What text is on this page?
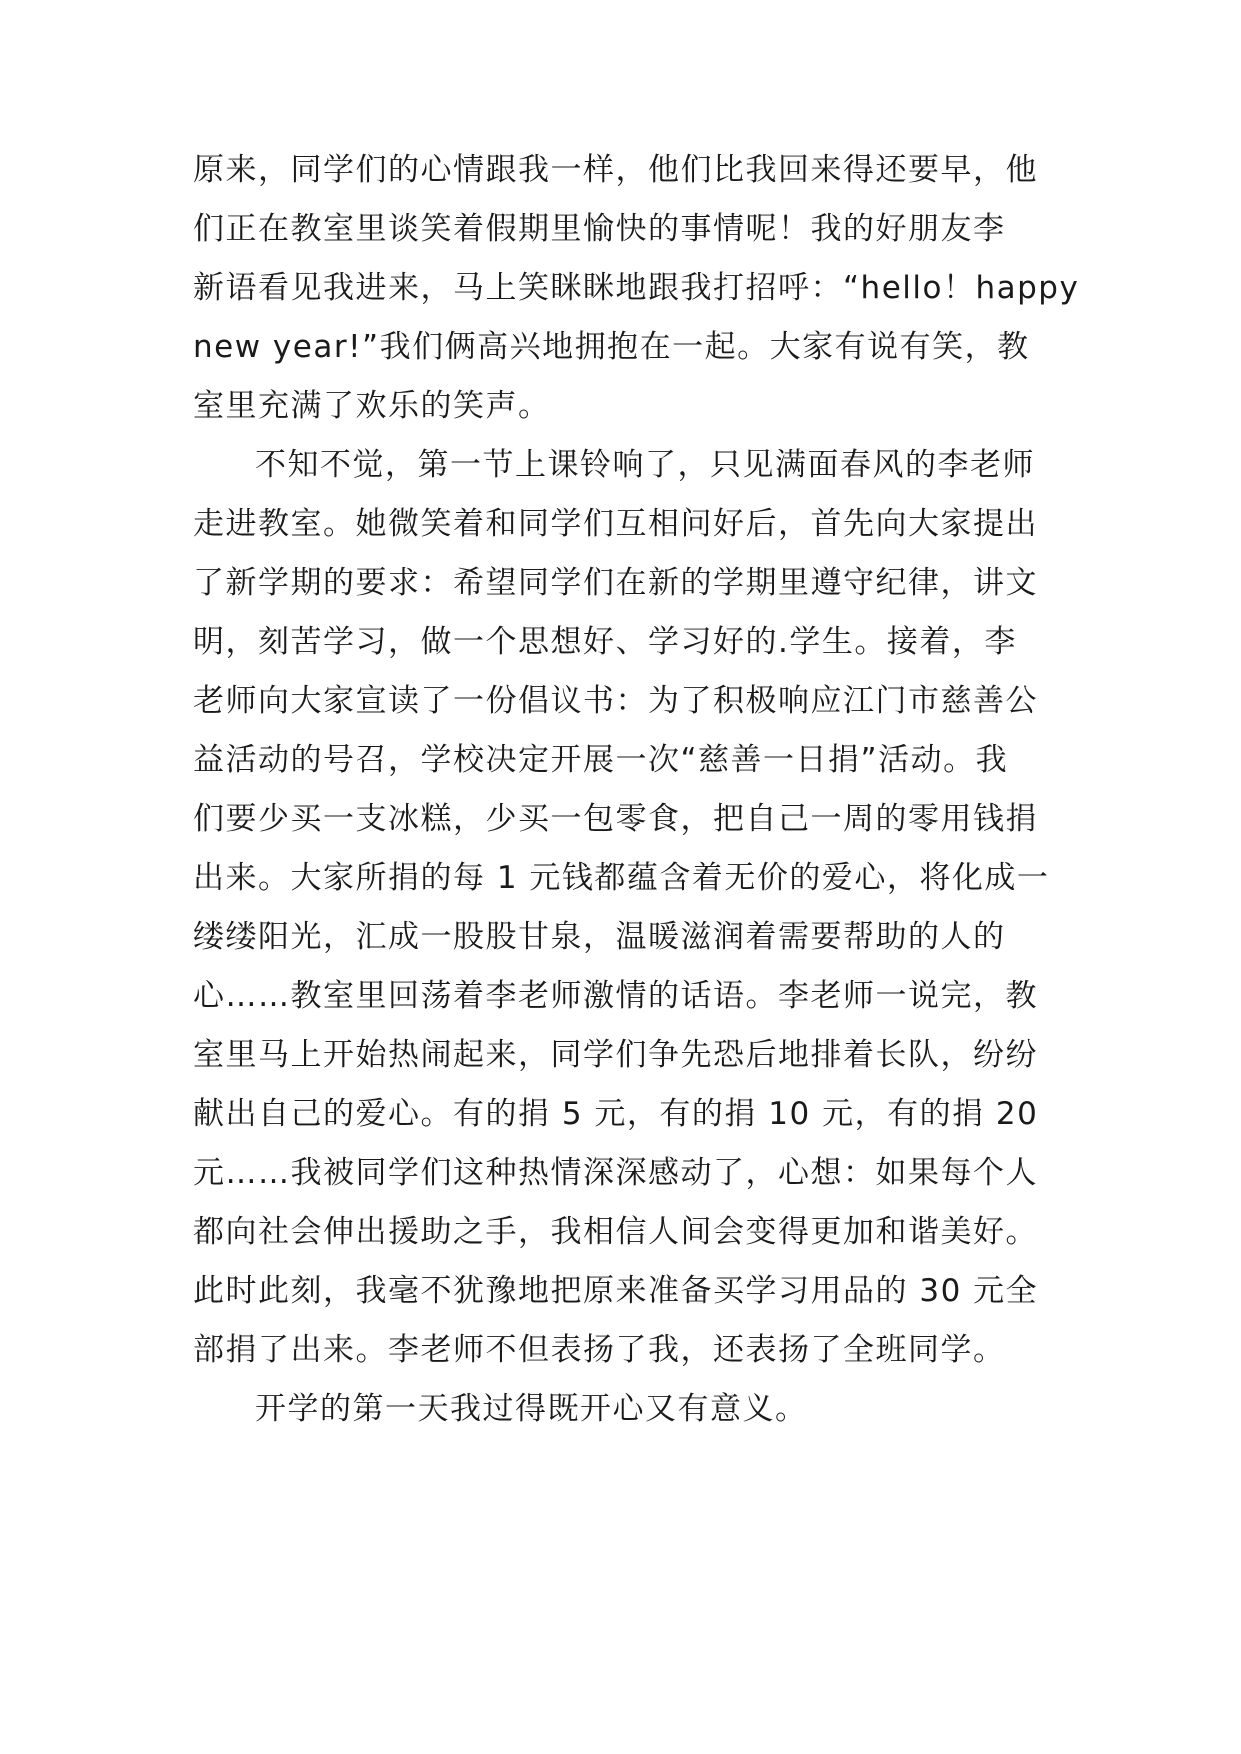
原来，同学们的心情跟我一样，他们比我回来得还要早，他
们正在教室里谈笑着假期里愉快的事情呢！我的好朋友李
新语看见我进来，马上笑眯眯地跟我打招呼：“hello！happy
new year!”我们俩高兴地拥抱在一起。大家有说有笑，教
室里充满了欢乐的笑声。
不知不觉，第一节上课铃响了，只见满面春风的李老师
走进教室。她微笑着和同学们互相问好后，首先向大家提出
了新学期的要求：希望同学们在新的学期里遵守纪律，讲文
明，刻苦学习，做一个思想好、学习好的.学生。接着，李
老师向大家宣读了一份倡议书：为了积极响应江门市慈善公
益活动的号召，学校决定开展一次“慈善一日捐”活动。我
们要少买一支冰糕，少买一包零食，把自己一周的零用钱捐
出来。大家所捐的每 1 元钱都蕴含着无价的爱心，将化成一
缕缕阳光，汇成一股股甘泉，温暖滋润着需要帮助的人的
心……教室里回荡着李老师激情的话语。李老师一说完，教
室里马上开始热闹起来，同学们争先恐后地排着长队，纷纷
献出自己的爱心。有的捐 5 元，有的捐 10 元，有的捐 20
元……我被同学们这种热情深深感动了，心想：如果每个人
都向社会伸出援助之手，我相信人间会变得更加和谐美好。
此时此刻，我毫不犹豫地把原来准备买学习用品的 30 元全
部捐了出来。李老师不但表扬了我，还表扬了全班同学。
开学的第一天我过得既开心又有意义。
